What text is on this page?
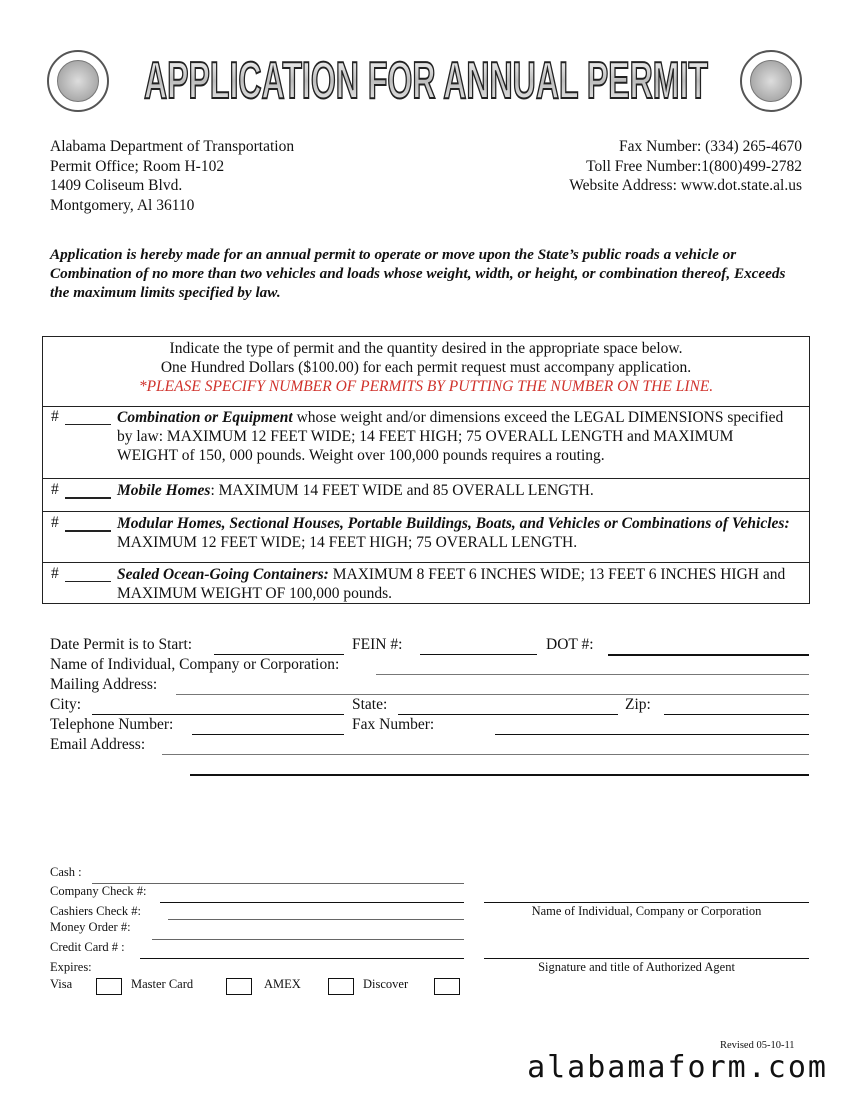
APPLICATION FOR ANNUAL PERMIT
Alabama Department of Transportation
Permit Office; Room H-102
1409 Coliseum Blvd.
Montgomery, Al 36110
Fax Number: (334) 265-4670
Toll Free Number:1(800)499-2782
Website Address: www.dot.state.al.us
Application is hereby made for an annual permit to operate or move upon the State’s public roads a vehicle or Combination of no more than two vehicles and loads whose weight, width, or height, or combination thereof, Exceeds the maximum limits specified by law.
Indicate the type of permit and the quantity desired in the appropriate space below.
One Hundred Dollars ($100.00) for each permit request must accompany application.
*PLEASE SPECIFY NUMBER OF PERMITS BY PUTTING THE NUMBER ON THE LINE.
#	Combination or Equipment whose weight and/or dimensions exceed the LEGAL DIMENSIONS specified by law: MAXIMUM 12 FEET WIDE; 14 FEET HIGH; 75 OVERALL LENGTH and MAXIMUM WEIGHT of 150, 000 pounds. Weight over 100,000 pounds requires a routing.
#	Mobile Homes: MAXIMUM 14 FEET WIDE and 85 OVERALL LENGTH.
#	Modular Homes, Sectional Houses, Portable Buildings, Boats, and Vehicles or Combinations of Vehicles: MAXIMUM 12 FEET WIDE; 14 FEET HIGH; 75 OVERALL LENGTH.
#	Sealed Ocean-Going Containers: MAXIMUM 8 FEET 6 INCHES WIDE; 13 FEET 6 INCHES HIGH and MAXIMUM WEIGHT OF 100,000 pounds.
Date Permit is to Start:	FEIN #:	DOT #:
Name of Individual, Company or Corporation:
Mailing Address:
City:	State:	Zip:
Telephone Number:	Fax Number:
Email Address:
Cash :
Company Check #:
Cashiers Check #:
Money Order #:
Credit Card # :
Expires:
Visa	Master Card	AMEX	Discover
Name of Individual, Company or Corporation
Signature and title of Authorized Agent
Revised 05-10-11
alabamaform.com
